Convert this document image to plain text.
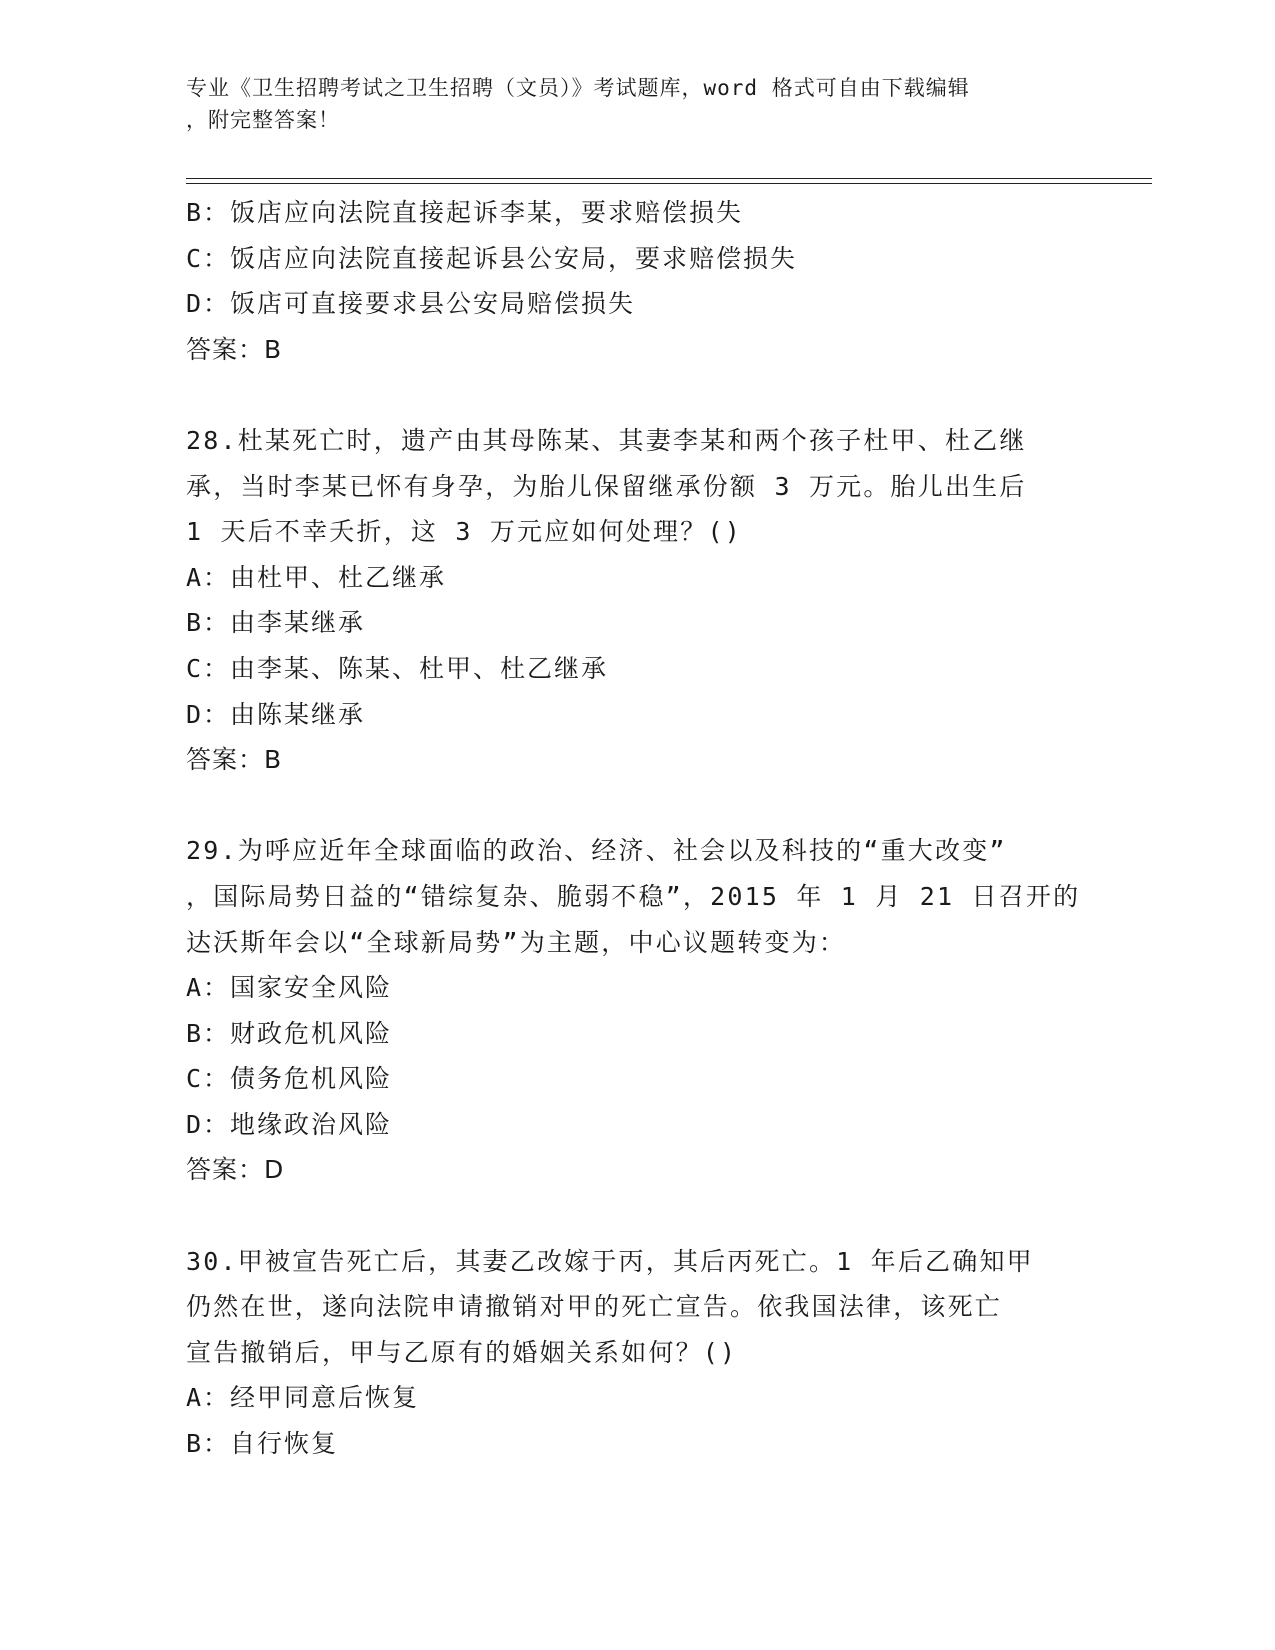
专业《卫生招聘考试之卫生招聘（文员）》考试题库，word 格式可自由下载编辑
，附完整答案！
B：饭店应向法院直接起诉李某，要求赔偿损失
C：饭店应向法院直接起诉县公安局，要求赔偿损失
D：饭店可直接要求县公安局赔偿损失
答案：B
28.杜某死亡时，遗产由其母陈某、其妻李某和两个孩子杜甲、杜乙继
承，当时李某已怀有身孕，为胎儿保留继承份额 3 万元。胎儿出生后
1 天后不幸夭折，这 3 万元应如何处理？()
A：由杜甲、杜乙继承
B：由李某继承
C：由李某、陈某、杜甲、杜乙继承
D：由陈某继承
答案：B
29.为呼应近年全球面临的政治、经济、社会以及科技的“重大改变”
，国际局势日益的“错综复杂、脆弱不稳”，2015 年 1 月 21 日召开的
达沃斯年会以“全球新局势”为主题，中心议题转变为：
A：国家安全风险
B：财政危机风险
C：债务危机风险
D：地缘政治风险
答案：D
30.甲被宣告死亡后，其妻乙改嫁于丙，其后丙死亡。1 年后乙确知甲
仍然在世，遂向法院申请撤销对甲的死亡宣告。依我国法律，该死亡
宣告撤销后，甲与乙原有的婚姻关系如何？()
A：经甲同意后恢复
B：自行恢复
